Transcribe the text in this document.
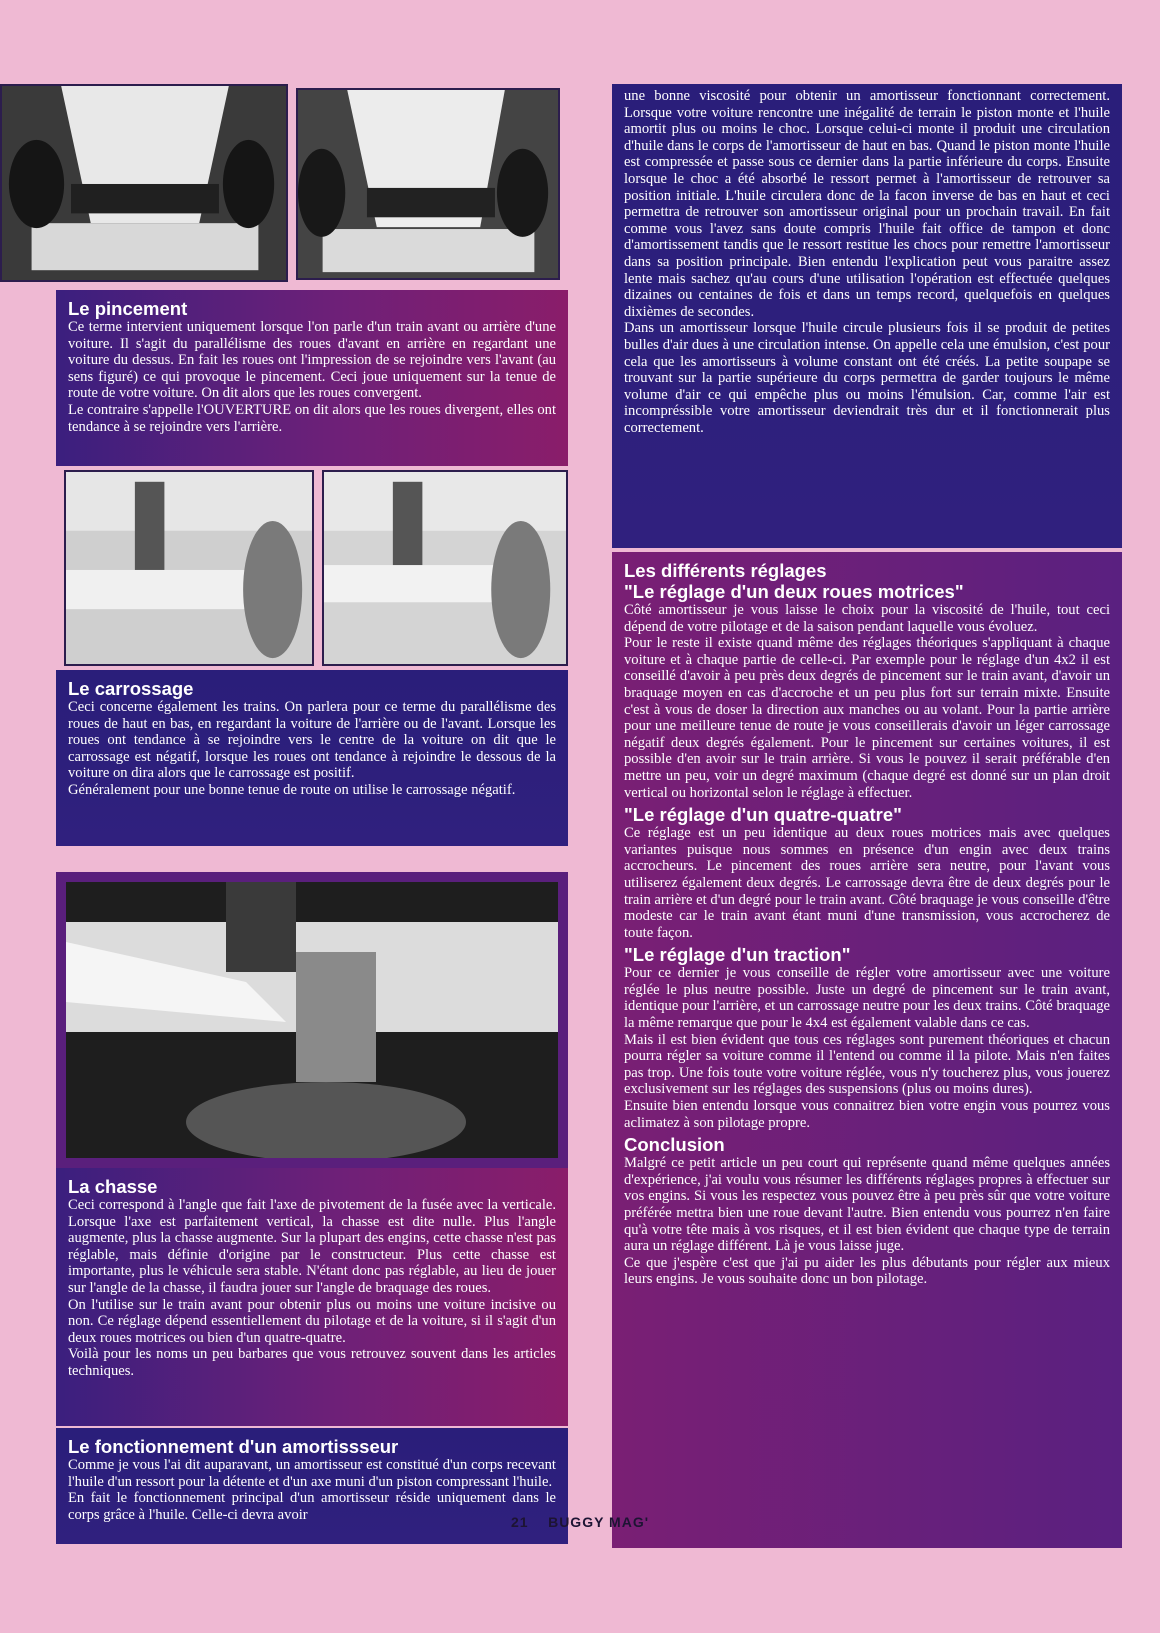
Le pincement

Ce terme intervient uniquement lorsque l'on parle d'un train avant ou arrière d'une voiture. Il s'agit du parallélisme des roues d'avant en arrière en regardant une voiture du dessus. En fait les roues ont l'impression de se rejoindre vers l'avant (au sens figuré) ce qui provoque le pincement. Ceci joue uniquement sur la tenue de route de votre voiture. On dit alors que les roues convergent.

Le contraire s'appelle l'OUVERTURE on dit alors que les roues divergent, elles ont tendance à se rejoindre vers l'arrière.

Le carrossage

Ceci concerne également les trains. On parlera pour ce terme du parallélisme des roues de haut en bas, en regardant la voiture de l'arrière ou de l'avant. Lorsque les roues ont tendance à se rejoindre vers le centre de la voiture on dit que le carrossage est négatif, lorsque les roues ont tendance à rejoindre le dessous de la voiture on dira alors que le carrossage est positif.

Généralement pour une bonne tenue de route on utilise le carrossage négatif.

La chasse

Ceci correspond à l'angle que fait l'axe de pivotement de la fusée avec la verticale. Lorsque l'axe est parfaitement vertical, la chasse est dite nulle. Plus l'angle augmente, plus la chasse augmente. Sur la plupart des engins, cette chasse n'est pas réglable, mais définie d'origine par le constructeur. Plus cette chasse est importante, plus le véhicule sera stable. N'étant donc pas réglable, au lieu de jouer sur l'angle de la chasse, il faudra jouer sur l'angle de braquage des roues.

On l'utilise sur le train avant pour obtenir plus ou moins une voiture incisive ou non. Ce réglage dépend essentiellement du pilotage et de la voiture, si il s'agit d'un deux roues motrices ou bien d'un quatre-quatre.

Voilà pour les noms un peu barbares que vous retrouvez souvent dans les articles techniques.

Le fonctionnement d'un amortissseur

Comme je vous l'ai dit auparavant, un amortisseur est constitué d'un corps recevant l'huile d'un ressort pour la détente et d'un axe muni d'un piston compressant l'huile.

En fait le fonctionnement principal d'un amortisseur réside uniquement dans le corps grâce à l'huile. Celle-ci devra avoir

une bonne viscosité pour obtenir un amortisseur fonctionnant correctement. Lorsque votre voiture rencontre une inégalité de terrain le piston monte et l'huile amortit plus ou moins le choc. Lorsque celui-ci monte il produit une circulation d'huile dans le corps de l'amortisseur de haut en bas. Quand le piston monte l'huile est compressée et passe sous ce dernier dans la partie inférieure du corps. Ensuite lorsque le choc a été absorbé le ressort permet à l'amortisseur de retrouver sa position initiale. L'huile circulera donc de la facon inverse de bas en haut et ceci permettra de retrouver son amortisseur original pour un prochain travail. En fait comme vous l'avez sans doute compris l'huile fait office de tampon et donc d'amortissement tandis que le ressort restitue les chocs pour remettre l'amortisseur dans sa position principale. Bien entendu l'explication peut vous paraitre assez lente mais sachez qu'au cours d'une utilisation l'opération est effectuée quelques dizaines ou centaines de fois et dans un temps record, quelquefois en quelques dixièmes de secondes.

Dans un amortisseur lorsque l'huile circule plusieurs fois il se produit de petites bulles d'air dues à une circulation intense. On appelle cela une émulsion, c'est pour cela que les amortisseurs à volume constant ont été créés. La petite soupape se trouvant sur la partie supérieure du corps permettra de garder toujours le même volume d'air ce qui empêche plus ou moins l'émulsion. Car, comme l'air est incompréssible votre amortisseur deviendrait très dur et il fonctionnerait plus correctement.

Les différents réglages
"Le réglage d'un deux roues motrices"

Côté amortisseur je vous laisse le choix pour la viscosité de l'huile, tout ceci dépend de votre pilotage et de la saison pendant laquelle vous évoluez.

Pour le reste il existe quand même des réglages théoriques s'appliquant à chaque voiture et à chaque partie de celle-ci. Par exemple pour le réglage d'un 4x2 il est conseillé d'avoir à peu près deux degrés de pincement sur le train avant, d'avoir un braquage moyen en cas d'accroche et un peu plus fort sur terrain mixte. Ensuite c'est à vous de doser la direction aux manches ou au volant. Pour la partie arrière pour une meilleure tenue de route je vous conseillerais d'avoir un léger carrossage négatif deux degrés également. Pour le pincement sur certaines voitures, il est possible d'en avoir sur le train arrière. Si vous le pouvez il serait préférable d'en mettre un peu, voir un degré maximum (chaque degré est donné sur un plan droit vertical ou horizontal selon le réglage à effectuer.

"Le réglage d'un quatre-quatre"

Ce réglage est un peu identique au deux roues motrices mais avec quelques variantes puisque nous sommes en présence d'un engin avec deux trains accrocheurs. Le pincement des roues arrière sera neutre, pour l'avant vous utiliserez également deux degrés. Le carrossage devra être de deux degrés pour le train arrière et d'un degré pour le train avant. Côté braquage je vous conseille d'être modeste car le train avant étant muni d'une transmission, vous accrocherez de toute façon.

"Le réglage d'un traction"

Pour ce dernier je vous conseille de régler votre amortisseur avec une voiture réglée le plus neutre possible. Juste un degré de pincement sur le train avant, identique pour l'arrière, et un carrossage neutre pour les deux trains. Côté braquage la même remarque que pour le 4x4 est également valable dans ce cas.

Mais il est bien évident que tous ces réglages sont purement théoriques et chacun pourra régler sa voiture comme il l'entend ou comme il la pilote. Mais n'en faites pas trop. Une fois toute votre voiture réglée, vous n'y toucherez plus, vous jouerez exclusivement sur les réglages des suspensions (plus ou moins dures).

Ensuite bien entendu lorsque vous connaitrez bien votre engin vous pourrez vous aclimatez à son pilotage propre.

Conclusion

Malgré ce petit article un peu court qui représente quand même quelques années d'expérience, j'ai voulu vous résumer les différents réglages propres à effectuer sur vos engins. Si vous les respectez vous pouvez être à peu près sûr que votre voiture préférée mettra bien une roue devant l'autre. Bien entendu vous pourrez n'en faire qu'à votre tête mais à vos risques, et il est bien évident que chaque type de terrain aura un réglage différent. Là je vous laisse juge.

Ce que j'espère c'est que j'ai pu aider les plus débutants pour régler aux mieux leurs engins. Je vous souhaite donc un bon pilotage.

21 BUGGY MAG'
